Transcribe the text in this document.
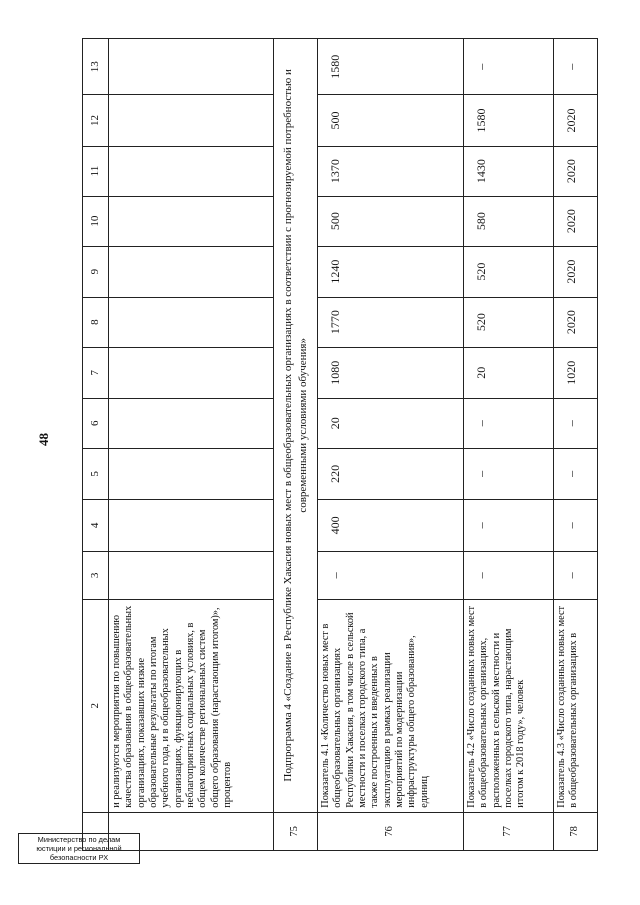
48
Министерство по делам
юстиции и региональной
безопасности РХ
	2	3	4	5	6	7	8	9	10	11	12	13
	и реализуются мероприятия по повышению качества образования в общеобразовательных организациях, показавших низкие образовательные результаты по итогам учебного года, и в общеобразовательных организациях, функционирующих в неблагоприятных социальных условиях, в общем количестве региональных систем общего образования (нарастающим итогом)», процентов											
75	Подпрограмма 4 «Создание в Республике Хакасия новых мест в общеобразовательных организациях в соответствии с прогнозируемой потребностью и современными условиями обучения»											
76	Показатель 4.1 «Количество новых мест в общеобразовательных организациях Республики Хакасия, в том числе в сельской местности и поселках городского типа, а также построенных и введенных в эксплуатацию в рамках реализации мероприятий по модернизации инфраструктуры общего образования», единиц	–	400	220	20	1080	1770	1240	500	1370	500	1580
77	Показатель 4.2 «Число созданных новых мест в общеобразовательных организациях, расположенных в сельской местности и поселках городского типа, нарастающим итогом к 2018 году», человек	–	–	–	–	20	520	520	580	1430	1580	–
78	Показатель 4.3 «Число созданных новых мест в общеобразовательных организациях в	–	–	–	–	1020	2020	2020	2020	2020	2020	–
